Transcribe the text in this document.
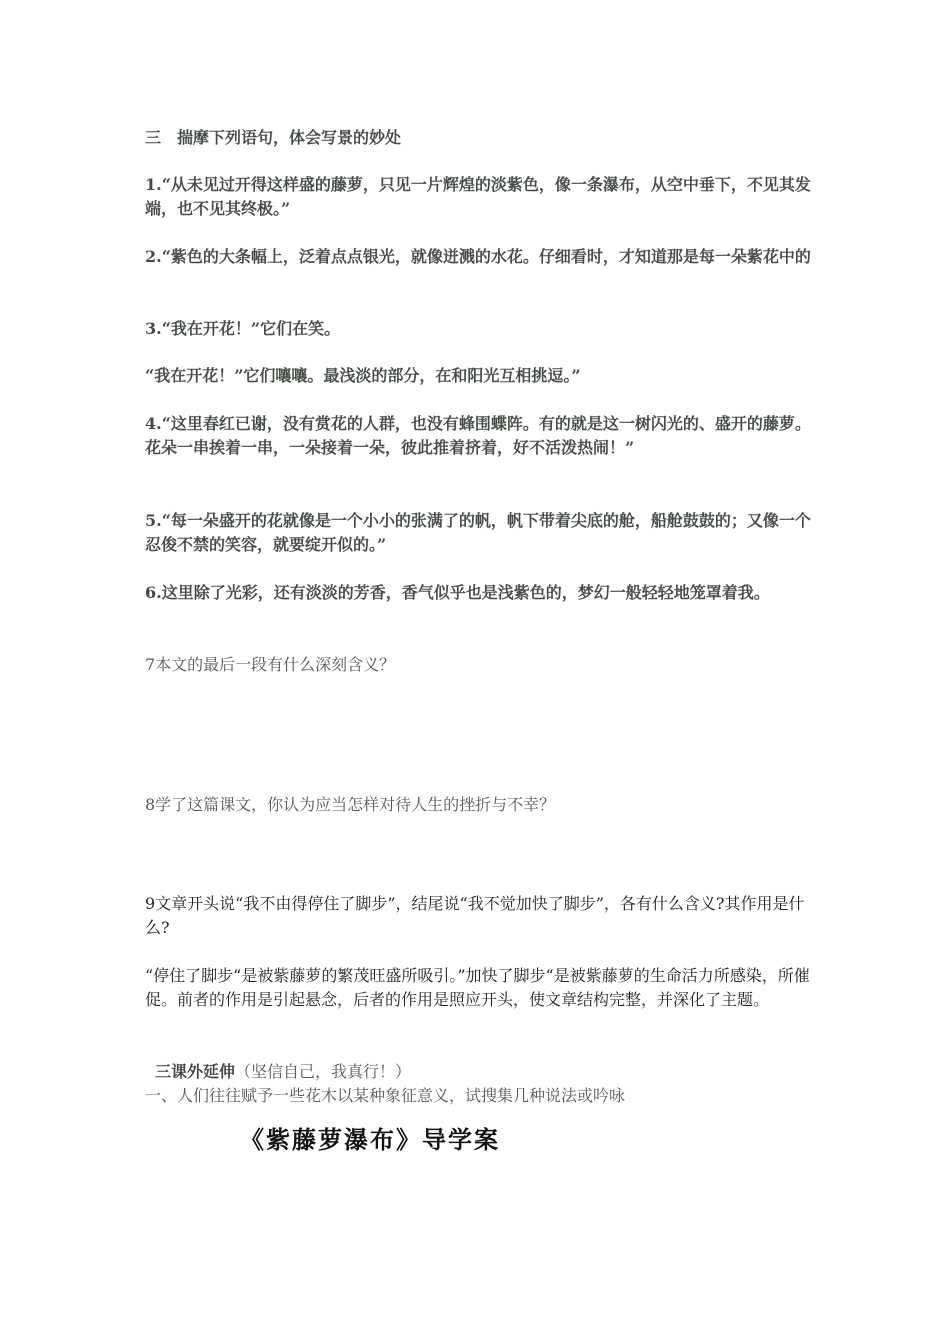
三　揣摩下列语句，体会写景的妙处

1.“从未见过开得这样盛的藤萝，只见一片辉煌的淡紫色，像一条瀑布，从空中垂下，不见其发端，也不见其终极。”

2.“紫色的大条幅上，泛着点点银光，就像迸溅的水花。仔细看时，才知道那是每一朵紫花中的

3.“我在开花！”它们在笑。

“我在开花！”它们嚷嚷。最浅淡的部分，在和阳光互相挑逗。”

4.“这里春红已谢，没有赏花的人群，也没有蜂围蝶阵。有的就是这一树闪光的、盛开的藤萝。花朵一串挨着一串，一朵接着一朵，彼此推着挤着，好不活泼热闹！”

5.“每一朵盛开的花就像是一个小小的张满了的帆，帆下带着尖底的舱，船舱鼓鼓的；又像一个忍俊不禁的笑容，就要绽开似的。”

6.这里除了光彩，还有淡淡的芳香，香气似乎也是浅紫色的，梦幻一般轻轻地笼罩着我。

7本文的最后一段有什么深刻含义？

8学了这篇课文，你认为应当怎样对待人生的挫折与不幸？

9文章开头说“我不由得停住了脚步”，结尾说“我不觉加快了脚步”，各有什么含义?其作用是什么?

“停住了脚步“是被紫藤萝的繁茂旺盛所吸引。”加快了脚步“是被紫藤萝的生命活力所感染，所催促。前者的作用是引起悬念，后者的作用是照应开头，使文章结构完整，并深化了主题。

三课外延伸（坚信自己，我真行！）

一、人们往往赋予一些花木以某种象征意义，试搜集几种说法或吟咏

《紫藤萝瀑布》导学案
